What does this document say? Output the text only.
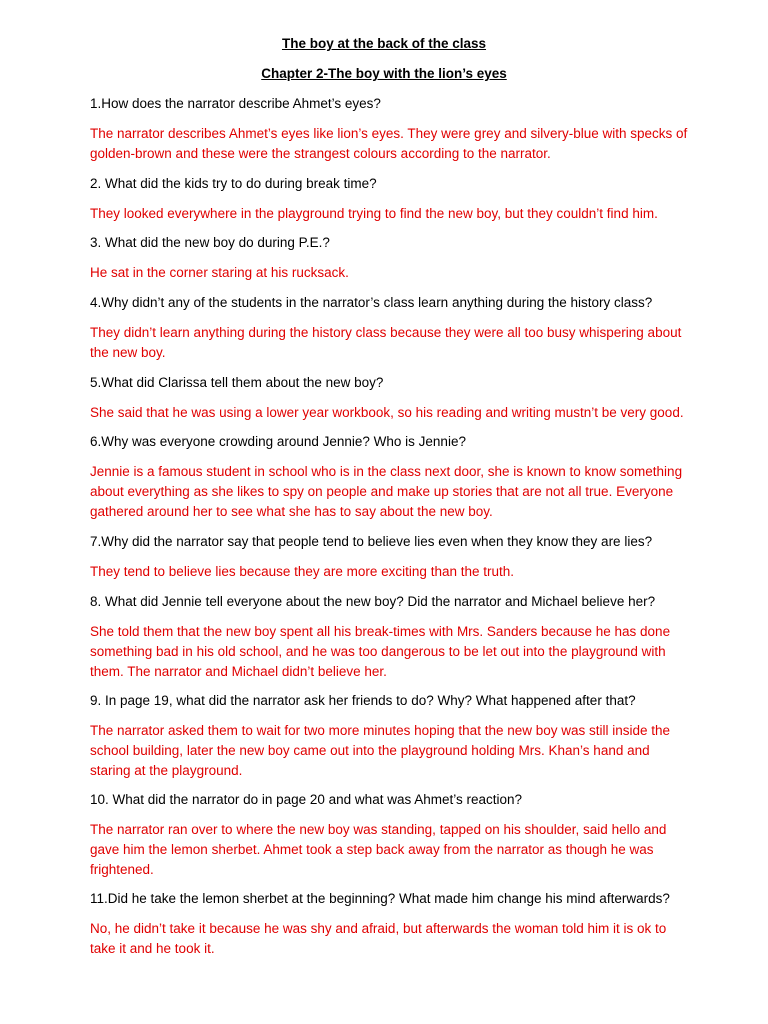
The boy at the back of the class

Chapter 2-The boy with the lion’s eyes

1.How does the narrator describe Ahmet’s eyes?

The narrator describes Ahmet’s eyes like lion’s eyes. They were grey and silvery-blue with specks of golden-brown and these were the strangest colours according to the narrator.

2. What did the kids try to do during break time?

They looked everywhere in the playground trying to find the new boy, but they couldn’t find him.

3. What did the new boy do during P.E.?

He sat in the corner staring at his rucksack.

4.Why didn’t any of the students in the narrator’s class learn anything during the history class?

They didn’t learn anything during the history class because they were all too busy whispering about the new boy.

5.What did Clarissa tell them about the new boy?

She said that he was using a lower year workbook, so his reading and writing mustn’t be very good.

6.Why was everyone crowding around Jennie? Who is Jennie?

Jennie is a famous student in school who is in the class next door, she is known to know something about everything as she likes to spy on people and make up stories that are not all true. Everyone gathered around her to see what she has to say about the new boy.

7.Why did the narrator say that people tend to believe lies even when they know they are lies?

They tend to believe lies because they are more exciting than the truth.

8. What did Jennie tell everyone about the new boy? Did the narrator and Michael believe her?

She told them that the new boy spent all his break-times with Mrs. Sanders because he has done something bad in his old school, and he was too dangerous to be let out into the playground with them. The narrator and Michael didn’t believe her.

9. In page 19, what did the narrator ask her friends to do? Why? What happened after that?

The narrator asked them to wait for two more minutes hoping that the new boy was still inside the school building, later the new boy came out into the playground holding Mrs. Khan’s hand and staring at the playground.

10. What did the narrator do in page 20 and what was Ahmet’s reaction?

The narrator ran over to where the new boy was standing, tapped on his shoulder, said hello and gave him the lemon sherbet. Ahmet took a step back away from the narrator as though he was frightened.

11.Did he take the lemon sherbet at the beginning? What made him change his mind afterwards?

No, he didn’t take it because he was shy and afraid, but afterwards the woman told him it is ok to take it and he took it.
